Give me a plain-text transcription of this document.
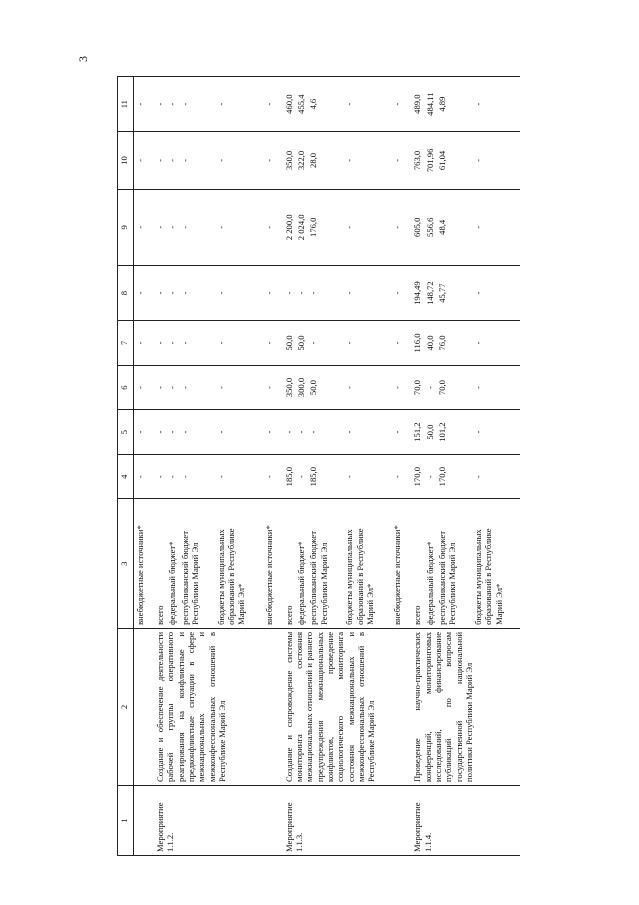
3
1	2	3	4	5	6	7	8	9	10	11
		внебюджетные источники*	-	-	-	-	-	-	-	-
Мероприятие 1.1.2.	Создание и обеспечение деятельности рабочей группы оперативного реагирования на конфликтные и предконфликтные ситуации в сфере межнациональных и межконфессиональных отношений в Республике Марий Эл	всего	-	-	-	-	-	-	-	-
		федеральный бюджет*	-	-	-	-	-	-	-	-
		республиканский бюджет Республики Марий Эл	-	-	-	-	-	-	-	-
		бюджеты муниципальных образований в Республике Марий Эл*	-	-	-	-	-	-	-	-
		внебюджетные источники*	-	-	-	-	-	-	-	-
Мероприятие 1.1.3.	Создание и сопровождение системы мониторинга состояния межнациональных отношений и раннего предупреждения межнациональных конфликтов, проведение социологического мониторинга состояния межнациональных и межконфессиональных отношений в Республике Марий Эл	всего	185,0	-	350,0	50,0	-	2 200,0	350,0	460,0
		федеральный бюджет*	-	-	300,0	50,0	-	2 024,0	322,0	455,4
		республиканский бюджет Республики Марий Эл	185,0	-	50,0	-	-	176,0	28,0	4,6
		бюджеты муниципальных образований в Республике Марий Эл*	-	-	-	-	-	-	-	-
		внебюджетные источники*	-	-	-	-	-	-	-	-
Мероприятие 1.1.4.	Проведение научно-практических конференций, мониторинговых исследований, финансирование публикаций по вопросам государственной национальной политики Республики Марий Эл	всего	170,0	151,2	70,0	116,0	194,49	605,0	763,0	489,0
		федеральный бюджет*	-	50,0	-	40,0	148,72	556,6	701,96	484,11
		республиканский бюджет Республики Марий Эл	170,0	101,2	70,0	76,0	45,77	48,4	61,04	4,89
		бюджеты муниципальных образований в Республике Марий Эл*	-	-	-	-	-	-	-	-
